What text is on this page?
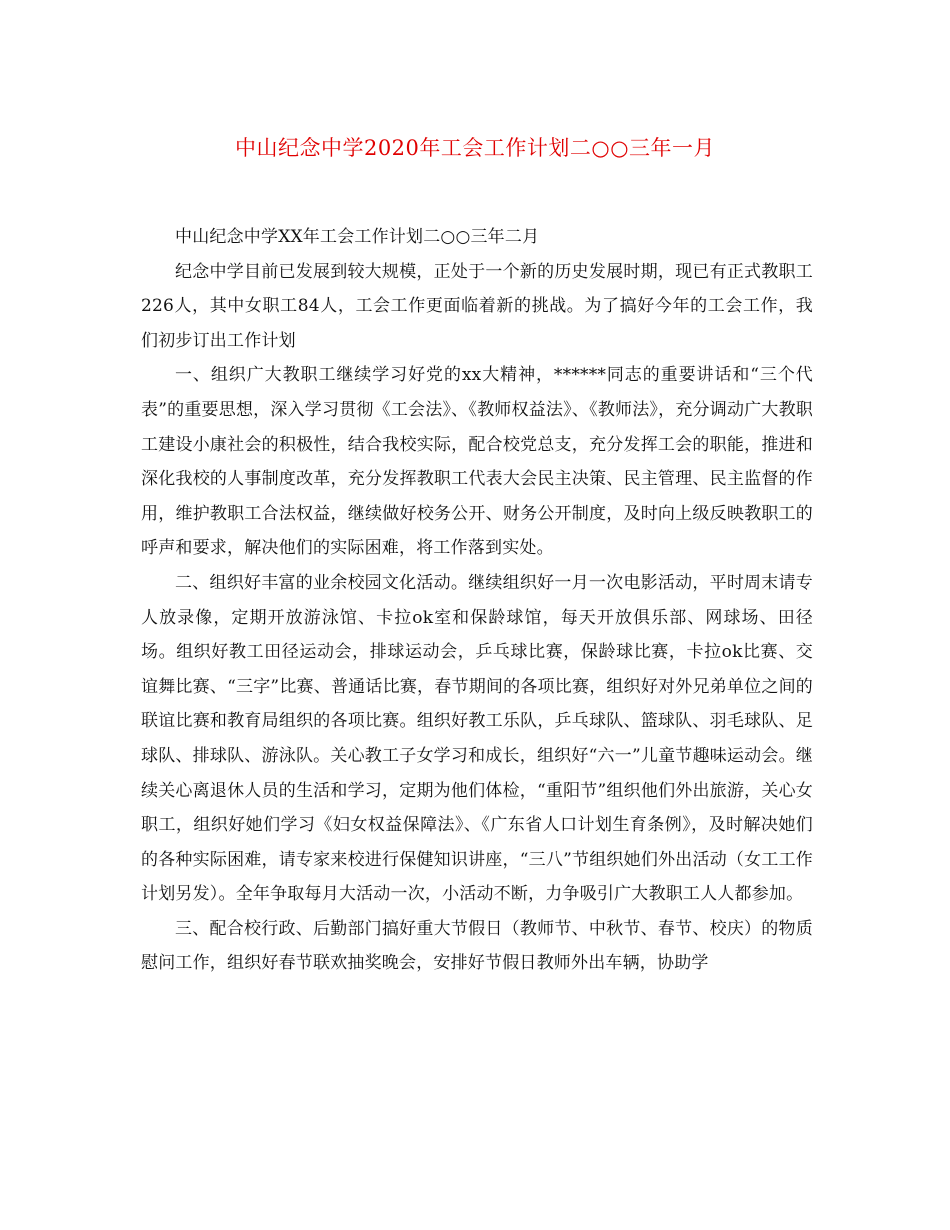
中山纪念中学2020年工会工作计划二○○三年一月

中山纪念中学XX年工会工作计划二○○三年二月

纪念中学目前已发展到较大规模，正处于一个新的历史发展时期，现已有正式教职工226人，其中女职工84人，工会工作更面临着新的挑战。为了搞好今年的工会工作，我们初步订出工作计划

一、组织广大教职工继续学习好党的xx大精神，******同志的重要讲话和“三个代表”的重要思想，深入学习贯彻《工会法》、《教师权益法》、《教师法》，充分调动广大教职工建设小康社会的积极性，结合我校实际，配合校党总支，充分发挥工会的职能，推进和深化我校的人事制度改革，充分发挥教职工代表大会民主决策、民主管理、民主监督的作用，维护教职工合法权益，继续做好校务公开、财务公开制度，及时向上级反映教职工的呼声和要求，解决他们的实际困难，将工作落到实处。

二、组织好丰富的业余校园文化活动。继续组织好一月一次电影活动，平时周末请专人放录像，定期开放游泳馆、卡拉ok室和保龄球馆，每天开放俱乐部、网球场、田径场。组织好教工田径运动会，排球运动会，乒乓球比赛，保龄球比赛，卡拉ok比赛、交谊舞比赛、“三字”比赛、普通话比赛，春节期间的各项比赛，组织好对外兄弟单位之间的联谊比赛和教育局组织的各项比赛。组织好教工乐队，乒乓球队、篮球队、羽毛球队、足球队、排球队、游泳队。关心教工子女学习和成长，组织好“六一”儿童节趣味运动会。继续关心离退休人员的生活和学习，定期为他们体检，“重阳节”组织他们外出旅游，关心女职工，组织好她们学习《妇女权益保障法》、《广东省人口计划生育条例》，及时解决她们的各种实际困难，请专家来校进行保健知识讲座，“三八”节组织她们外出活动（女工工作计划另发）。全年争取每月大活动一次，小活动不断，力争吸引广大教职工人人都参加。

三、配合校行政、后勤部门搞好重大节假日（教师节、中秋节、春节、校庆）的物质慰问工作，组织好春节联欢抽奖晚会，安排好节假日教师外出车辆，协助学
